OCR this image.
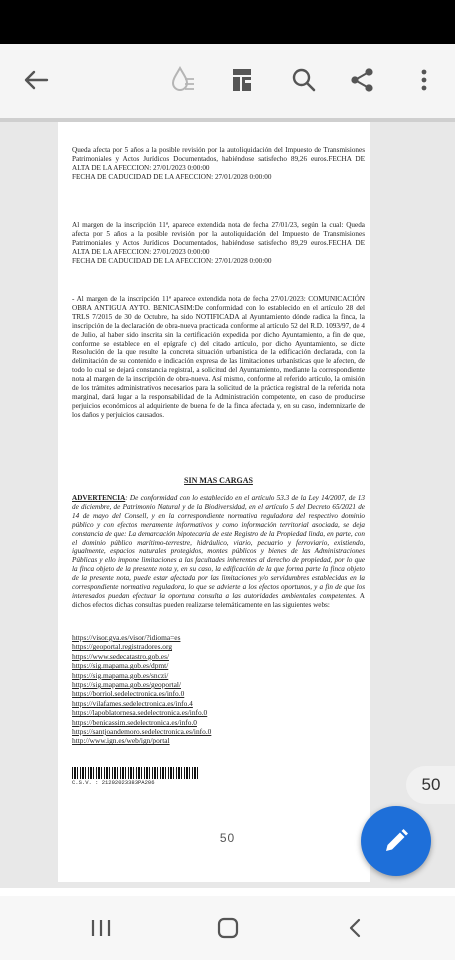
Queda afecta por 5 años a la posible revisión por la autoliquidación del Impuesto de Transmisiones Patrimoniales y Actos Jurídicos Documentados, habiéndose satisfecho 89,26 euros.FECHA DE ALTA DE LA AFECCION: 27/01/2023 0:00:00
FECHA DE CADUCIDAD DE LA AFECCION: 27/01/2028 0:00:00
Al margen de la inscripción 11ª, aparece extendida nota de fecha 27/01/23, según la cual: Queda afecta por 5 años a la posible revisión por la autoliquidación del Impuesto de Transmisiones Patrimoniales y Actos Jurídicos Documentados, habiéndose satisfecho 89,29 euros.FECHA DE ALTA DE LA AFECCION: 27/01/2023 0:00:00
FECHA DE CADUCIDAD DE LA AFECCION: 27/01/2028 0:00:00
- Al margen de la inscripción 11ª aparece extendida nota de fecha 27/01/2023: COMUNICACIÓN OBRA ANTIGUA AYTO. BENICASIM:De conformidad con lo establecido en el artículo 28 del TRLS 7/2015 de 30 de Octubre, ha sido NOTIFICADA al Ayuntamiento dónde radica la finca, la inscripción de la declaración de obra-nueva practicada conforme al artículo 52 del R.D. 1093/97, de 4 de Julio, al haber sido inscrita sin la certificación expedida por dicho Ayuntamiento, a fin de que, conforme se establece en el epígrafe c) del citado artículo, por dicho Ayuntamiento, se dicte Resolución de la que resulte la concreta situación urbanística de la edificación declarada, con la delimitación de su contenido e indicación expresa de las limitaciones urbanísticas que le afecten, de todo lo cual se dejará constancia registral, a solicitud del Ayuntamiento, mediante la correspondiente nota al margen de la inscripción de obra-nueva. Así mismo, conforme al referido artículo, la omisión de los trámites administrativos necesarios para la solicitud de la práctica registral de la referida nota marginal, dará lugar a la responsabilidad de la Administración competente, en caso de producirse perjuicios económicos al adquiriente de buena fe de la finca afectada y, en su caso, indemnizarle de los daños y perjuicios causados.
SIN MAS CARGAS
ADVERTENCIA: De conformidad con lo establecido en el artículo 53.3 de la Ley 14/2007, de 13 de diciembre, de Patrimonio Natural y de la Biodiversidad, en el artículo 5 del Decreto 65/2021 de 14 de mayo del Consell, y en la correspondiente normativa reguladora del respectivo dominio público y con efectos meramente informativos y como información territorial asociada, se deja constancia de que: La demarcación hipotecaria de este Registro de la Propiedad linda, en parte, con el dominio público marítimo-terrestre, hidráulico, viario, pecuario y ferroviario, existiendo, igualmente, espacios naturales protegidos, montes públicos y bienes de las Administraciones Públicas y ello impone limitaciones a las facultades inherentes al derecho de propiedad, por lo que la finca objeto de la presente nota y, en su caso, la edificación de la que forma parte la finca objeto de la presente nota, puede estar afectada por las limitaciones y/o servidumbres establecidas en la correspondiente normativa reguladora, lo que se advierte a los efectos oportunos, y a fin de que los interesados puedan efectuar la oportuna consulta a las autoridades ambientales competentes. A dichos efectos dichas consultas pueden realizarse telemáticamente en las siguientes webs:
https://visor.gva.es/visor/?idioma=es
https://geoportal.registradores.org
https://www.sedecatastro.gob.es/
https://sig.mapama.gob.es/dpmt/
https://sig.mapama.gob.es/snczi/
https://sig.mapama.gob.es/geoportal/
https://borriol.sedelectronica.es/info.0
https://vilafames.sedelectronica.es/info.4
https://lapoblatornesa.sedelectronica.es/info.0
https://benicassim.sedelectronica.es/info.0
https://santjoandemoro.sedelectronica.es/info.0
http://www.ign.es/web/ign/portal
C.S.V. : 21202023383PA206
50
50
